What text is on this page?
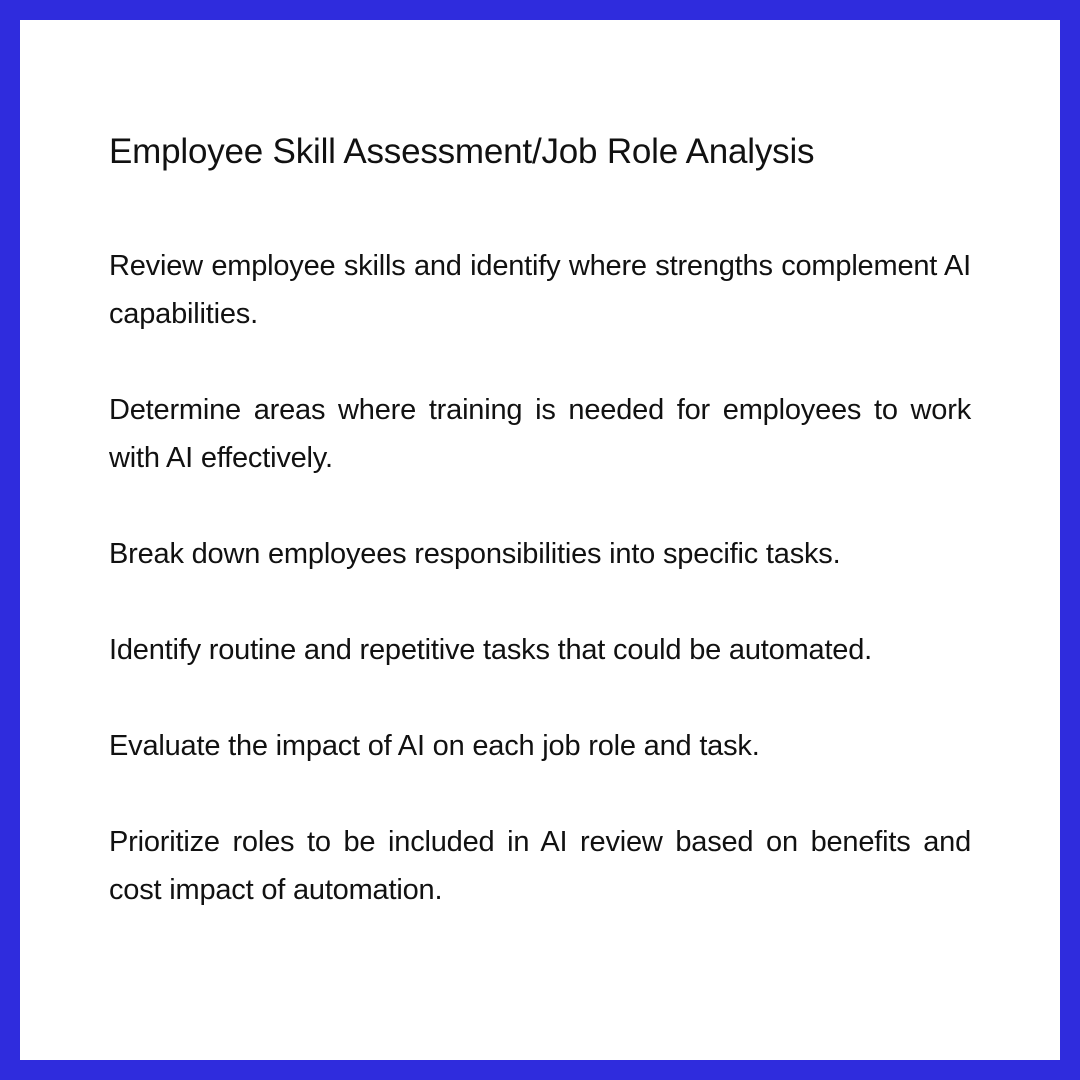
Employee Skill Assessment/Job Role Analysis

Review employee skills and identify where strengths complement AI capabilities.

Determine areas where training is needed for employees to work with AI effectively.

Break down employees responsibilities into specific tasks.

Identify routine and repetitive tasks that could be automated.

Evaluate the impact of AI on each job role and task.

Prioritize roles to be included in AI review based on benefits and cost impact of automation.
